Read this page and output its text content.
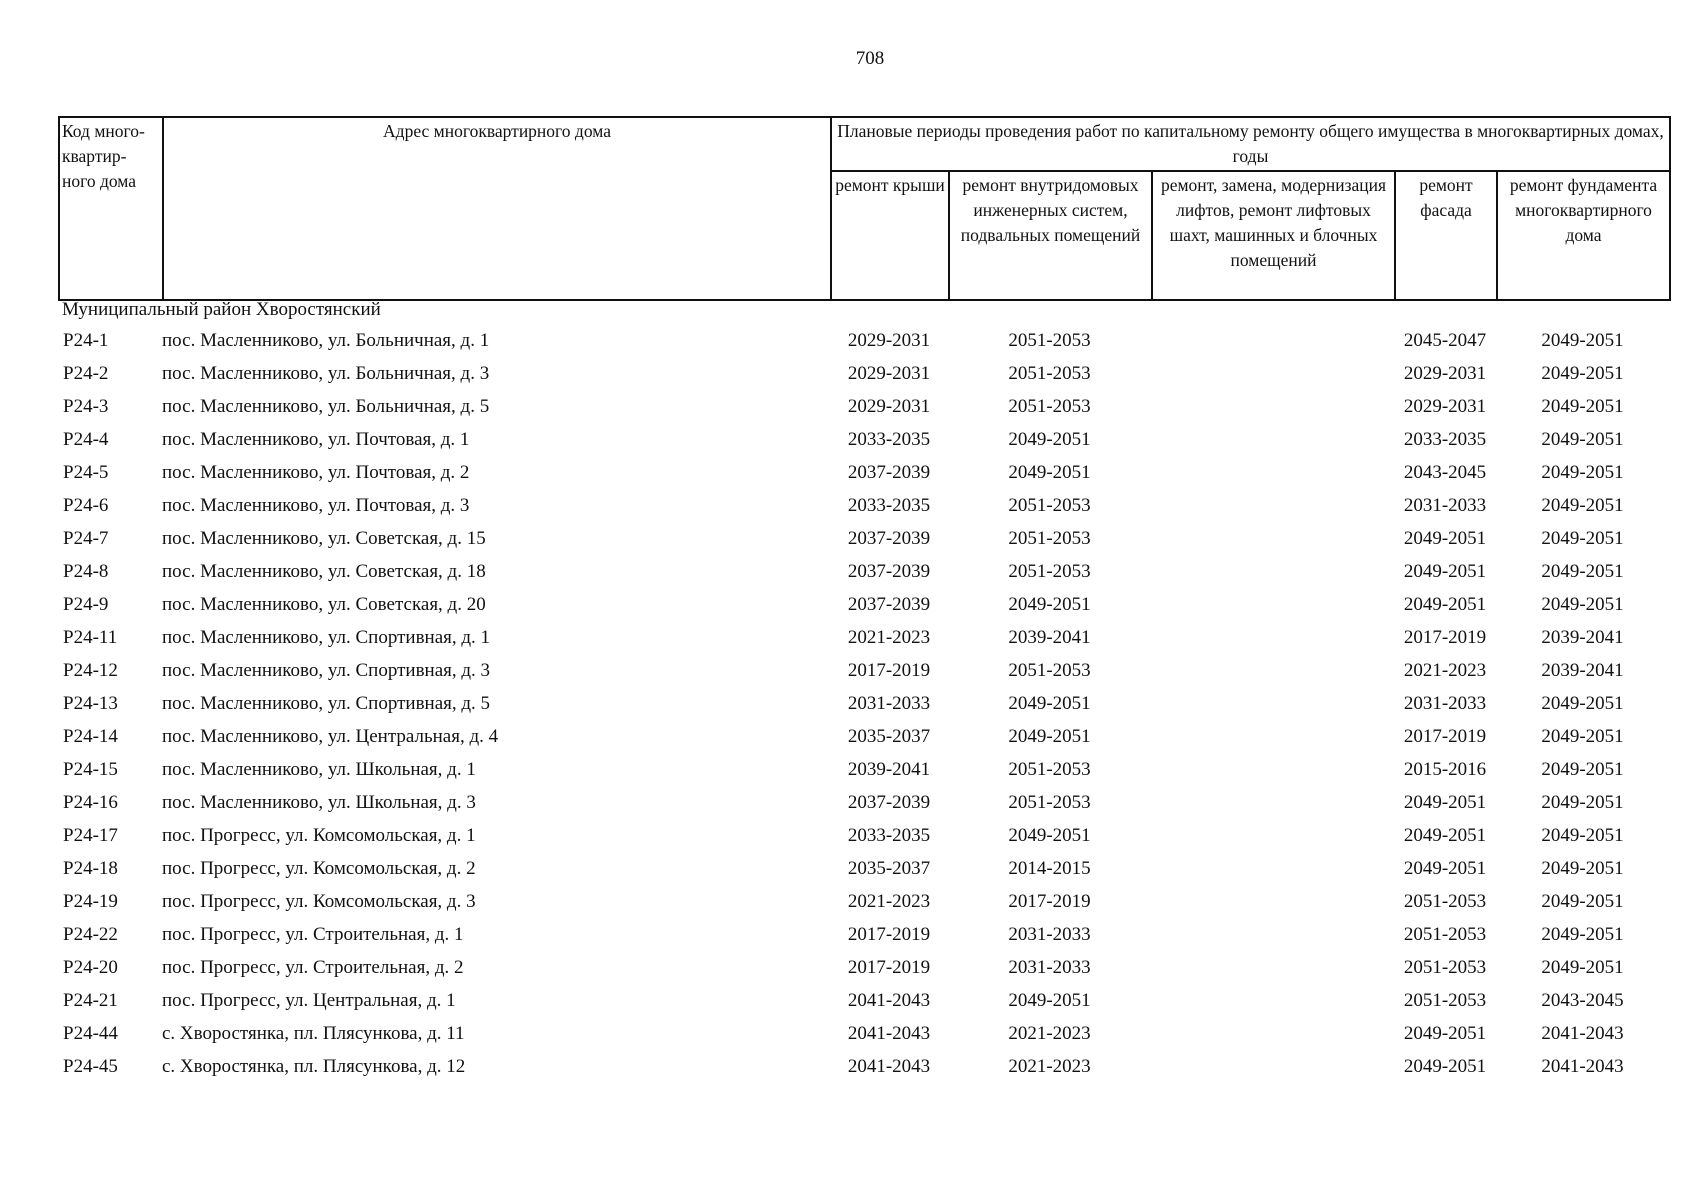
708
Код много-квартир-ного дома	Адрес многоквартирного дома	Плановые периоды проведения работ по капитальному ремонту общего имущества в многоквартирных домах, годы				
		ремонт крыши	ремонт внутридомовых инженерных систем, подвальных помещений	ремонт, замена, модернизация лифтов, ремонт лифтовых шахт, машинных и блочных помещений	ремонт фасада	ремонт фундамента многоквартирного дома
Муниципальный район Хворостянский						
P24-1	пос. Масленниково, ул. Больничная, д. 1	2029-2031	2051-2053		2045-2047	2049-2051
P24-2	пос. Масленниково, ул. Больничная, д. 3	2029-2031	2051-2053		2029-2031	2049-2051
P24-3	пос. Масленниково, ул. Больничная, д. 5	2029-2031	2051-2053		2029-2031	2049-2051
P24-4	пос. Масленниково, ул. Почтовая, д. 1	2033-2035	2049-2051		2033-2035	2049-2051
P24-5	пос. Масленниково, ул. Почтовая, д. 2	2037-2039	2049-2051		2043-2045	2049-2051
P24-6	пос. Масленниково, ул. Почтовая, д. 3	2033-2035	2051-2053		2031-2033	2049-2051
P24-7	пос. Масленниково, ул. Советская, д. 15	2037-2039	2051-2053		2049-2051	2049-2051
P24-8	пос. Масленниково, ул. Советская, д. 18	2037-2039	2051-2053		2049-2051	2049-2051
P24-9	пос. Масленниково, ул. Советская, д. 20	2037-2039	2049-2051		2049-2051	2049-2051
P24-11	пос. Масленниково, ул. Спортивная, д. 1	2021-2023	2039-2041		2017-2019	2039-2041
P24-12	пос. Масленниково, ул. Спортивная, д. 3	2017-2019	2051-2053		2021-2023	2039-2041
P24-13	пос. Масленниково, ул. Спортивная, д. 5	2031-2033	2049-2051		2031-2033	2049-2051
P24-14	пос. Масленниково, ул. Центральная, д. 4	2035-2037	2049-2051		2017-2019	2049-2051
P24-15	пос. Масленниково, ул. Школьная, д. 1	2039-2041	2051-2053		2015-2016	2049-2051
P24-16	пос. Масленниково, ул. Школьная, д. 3	2037-2039	2051-2053		2049-2051	2049-2051
P24-17	пос. Прогресс, ул. Комсомольская, д. 1	2033-2035	2049-2051		2049-2051	2049-2051
P24-18	пос. Прогресс, ул. Комсомольская, д. 2	2035-2037	2014-2015		2049-2051	2049-2051
P24-19	пос. Прогресс, ул. Комсомольская, д. 3	2021-2023	2017-2019		2051-2053	2049-2051
P24-22	пос. Прогресс, ул. Строительная, д. 1	2017-2019	2031-2033		2051-2053	2049-2051
P24-20	пос. Прогресс, ул. Строительная, д. 2	2017-2019	2031-2033		2051-2053	2049-2051
P24-21	пос. Прогресс, ул. Центральная, д. 1	2041-2043	2049-2051		2051-2053	2043-2045
P24-44	с. Хворостянка, пл. Плясункова, д. 11	2041-2043	2021-2023		2049-2051	2041-2043
P24-45	с. Хворостянка, пл. Плясункова, д. 12	2041-2043	2021-2023		2049-2051	2041-2043
